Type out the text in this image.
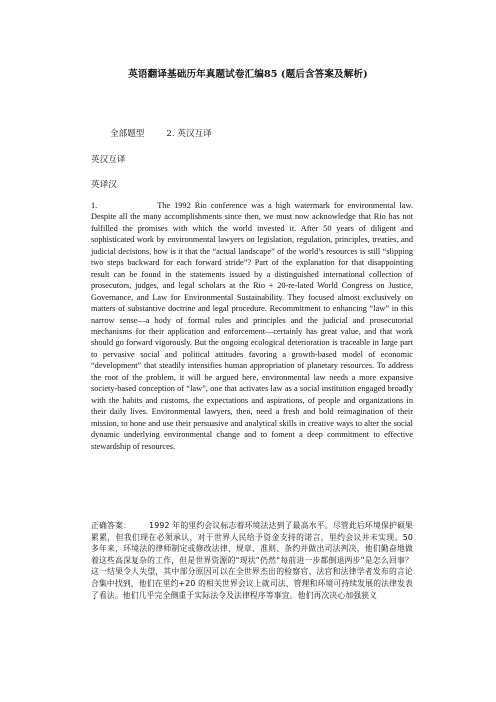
英语翻译基础历年真题试卷汇编85 (题后含答案及解析)
全部题型	2. 英汉互译
英汉互译
英译汉
1.	The 1992 Rio conference was a high watermark for environmental law. Despite all the many accomplishments since then, we must now acknowledge that Rio has not fulfilled the promises with which the world invested it. After 50 years of diligent and sophisticated work by environmental lawyers on legislation, regulation, principles, treaties, and judicial decisions, how is it that the “actual landscape” of the world’s resources is still “slipping two steps backward for each forward stride”? Part of the explanation for that disappointing result can be found in the statements issued by a distinguished international collection of prosecutors, judges, and legal scholars at the Rio + 20-re-lated World Congress on Justice, Governance, and Law for Environmental Sustainability. They focused almost exclusively on matters of substantive doctrine and legal procedure. Recommitment to enhancing “law” in this narrow sense—a body of formal rules and principles and the judicial and prosecutorial mechanisms for their application and enforcement—certainly has great value, and that work should go forward vigorously. But the ongoing ecological deterioration is traceable in large part to pervasive social and political attitudes favoring a growth-based model of economic “development” that steadily intensifies human appropriation of planetary resources. To address the root of the problem, it will be argued here, environmental law needs a more expansive society-based conception of “law”, one that activates law as a social institution engaged broadly with the habits and customs, the expectations and aspirations, of people and organizations in their daily lives. Environmental lawyers, then, need a fresh and bold reimagination of their mission, to hone and use their persuasive and analytical skills in creative ways to alter the social dynamic underlying environmental change and to foment a deep commitment to effective stewardship of resources.
正确答案： 1992 年的里约会议标志着环境法达到了最高水平。尽管此后环境保护硕果累累，但我们现在必须承认，对于世界人民给予资金支持的诺言，里约会议并未实现。50 多年来，环境法的律师制定或修改法律、规章、准则、条约并做出司法判决，他们勤奋地做着这些高深复杂的工作，但是世界资源的“现状”仍然“每前进一步都倒退两步”是怎么回事？ 这一结果令人失望，其中部分原因可以在全世界杰出的检察官、法官和法律学者发布的言论合集中找到，他们在里约+20 的相关世界会议上就司法、管理和环境可持续发展的法律发表了看法。他们几乎完全侧重于实际法令及法律程序等事宜。他们再次决心加强狭义
